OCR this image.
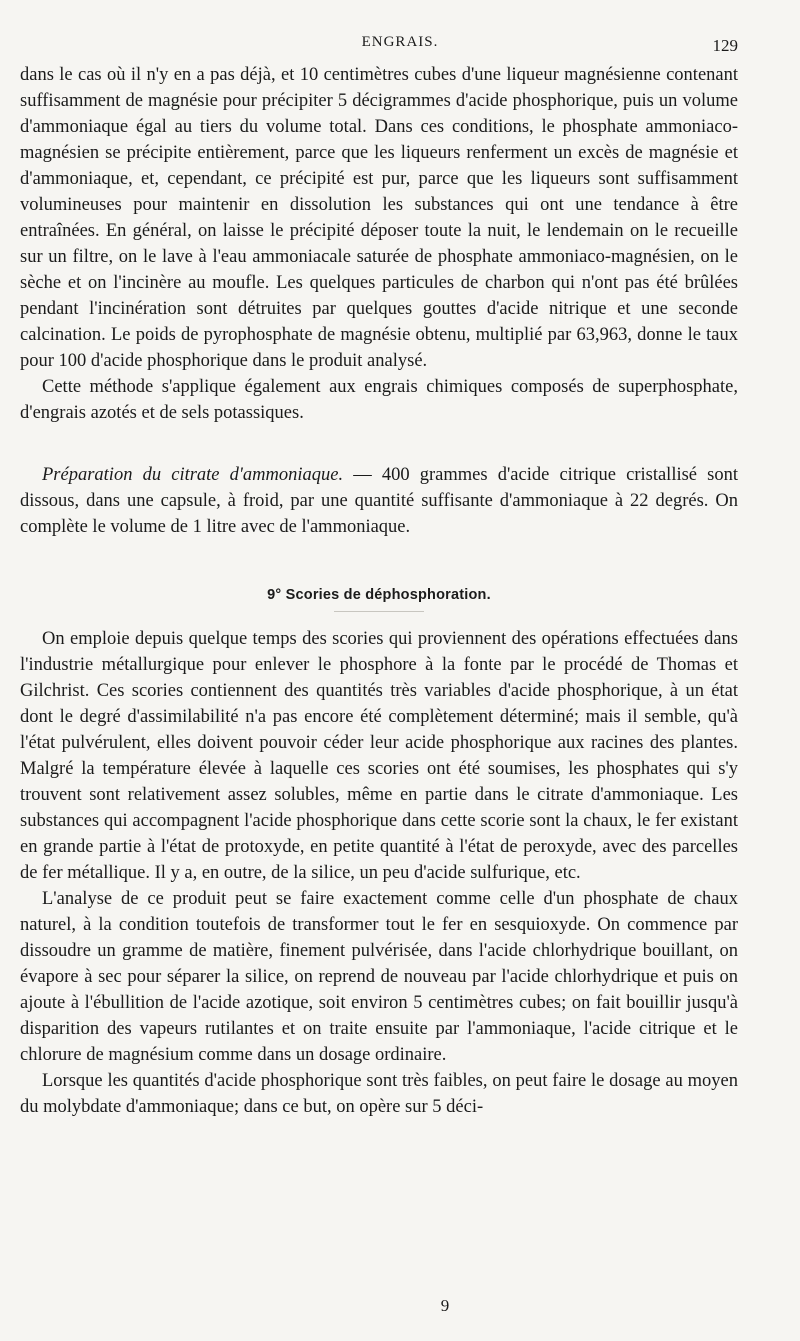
ENGRAIS.	129

dans le cas où il n'y en a pas déjà, et 10 centimètres cubes d'une liqueur magnésienne contenant suffisamment de magnésie pour précipiter 5 décigrammes d'acide phosphorique, puis un volume d'ammoniaque égal au tiers du volume total. Dans ces conditions, le phosphate ammoniaco-magnésien se précipite entièrement, parce que les liqueurs renferment un excès de magnésie et d'ammoniaque, et, cependant, ce précipité est pur, parce que les liqueurs sont suffisamment volumineuses pour maintenir en dissolution les substances qui ont une tendance à être entraînées. En général, on laisse le précipité déposer toute la nuit, le lendemain on le recueille sur un filtre, on le lave à l'eau ammoniacale saturée de phosphate ammoniaco-magnésien, on le sèche et on l'incinère au moufle. Les quelques particules de charbon qui n'ont pas été brûlées pendant l'incinération sont détruites par quelques gouttes d'acide nitrique et une seconde calcination. Le poids de pyrophosphate de magnésie obtenu, multiplié par 63,963, donne le taux pour 100 d'acide phosphorique dans le produit analysé.

Cette méthode s'applique également aux engrais chimiques composés de superphosphate, d'engrais azotés et de sels potassiques.

Préparation du citrate d'ammoniaque. — 400 grammes d'acide citrique cristallisé sont dissous, dans une capsule, à froid, par une quantité suffisante d'ammoniaque à 22 degrés. On complète le volume de 1 litre avec de l'ammoniaque.

9° Scories de déphosphoration.

On emploie depuis quelque temps des scories qui proviennent des opérations effectuées dans l'industrie métallurgique pour enlever le phosphore à la fonte par le procédé de Thomas et Gilchrist. Ces scories contiennent des quantités très variables d'acide phosphorique, à un état dont le degré d'assimilabilité n'a pas encore été complètement déterminé; mais il semble, qu'à l'état pulvérulent, elles doivent pouvoir céder leur acide phosphorique aux racines des plantes. Malgré la température élevée à laquelle ces scories ont été soumises, les phosphates qui s'y trouvent sont relativement assez solubles, même en partie dans le citrate d'ammoniaque. Les substances qui accompagnent l'acide phosphorique dans cette scorie sont la chaux, le fer existant en grande partie à l'état de protoxyde, en petite quantité à l'état de peroxyde, avec des parcelles de fer métallique. Il y a, en outre, de la silice, un peu d'acide sulfurique, etc.

L'analyse de ce produit peut se faire exactement comme celle d'un phosphate de chaux naturel, à la condition toutefois de transformer tout le fer en sesquioxyde. On commence par dissoudre un gramme de matière, finement pulvérisée, dans l'acide chlorhydrique bouillant, on évapore à sec pour séparer la silice, on reprend de nouveau par l'acide chlorhydrique et puis on ajoute à l'ébullition de l'acide azotique, soit environ 5 centimètres cubes; on fait bouillir jusqu'à disparition des vapeurs rutilantes et on traite ensuite par l'ammoniaque, l'acide citrique et le chlorure de magnésium comme dans un dosage ordinaire.

Lorsque les quantités d'acide phosphorique sont très faibles, on peut faire le dosage au moyen du molybdate d'ammoniaque; dans ce but, on opère sur 5 déci-

9
